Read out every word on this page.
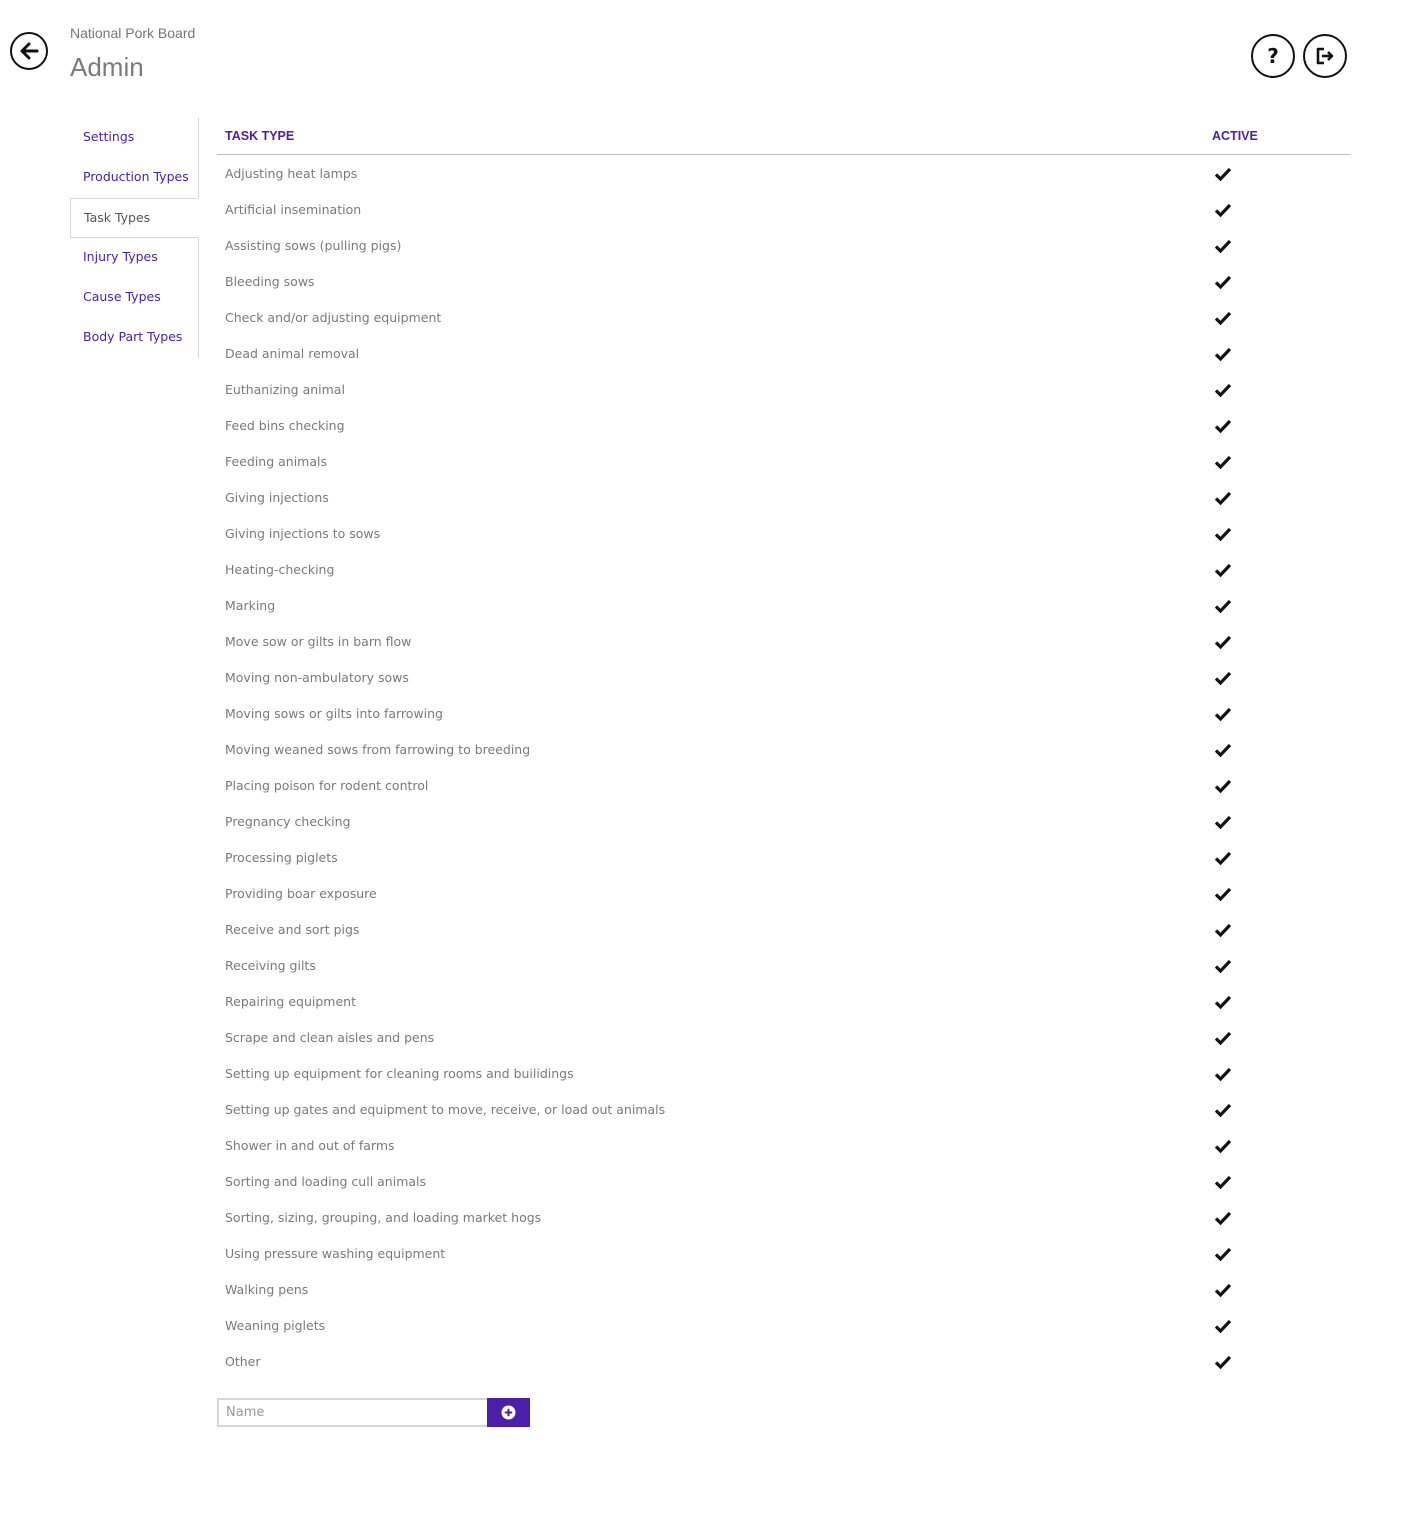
National Pork Board
Admin	?
Settings
Production Types
Task Types
Injury Types
Cause Types
Body Part Types
TASK TYPE	ACTIVE
Adjusting heat lamps
Artificial insemination
Assisting sows (pulling pigs)
Bleeding sows
Check and/or adjusting equipment
Dead animal removal
Euthanizing animal
Feed bins checking
Feeding animals
Giving injections
Giving injections to sows
Heating-checking
Marking
Move sow or gilts in barn flow
Moving non-ambulatory sows
Moving sows or gilts into farrowing
Moving weaned sows from farrowing to breeding
Placing poison for rodent control
Pregnancy checking
Processing piglets
Providing boar exposure
Receive and sort pigs
Receiving gilts
Repairing equipment
Scrape and clean aisles and pens
Setting up equipment for cleaning rooms and builidings
Setting up gates and equipment to move, receive, or load out animals
Shower in and out of farms
Sorting and loading cull animals
Sorting, sizing, grouping, and loading market hogs
Using pressure washing equipment
Walking pens
Weaning piglets
Other
Name
